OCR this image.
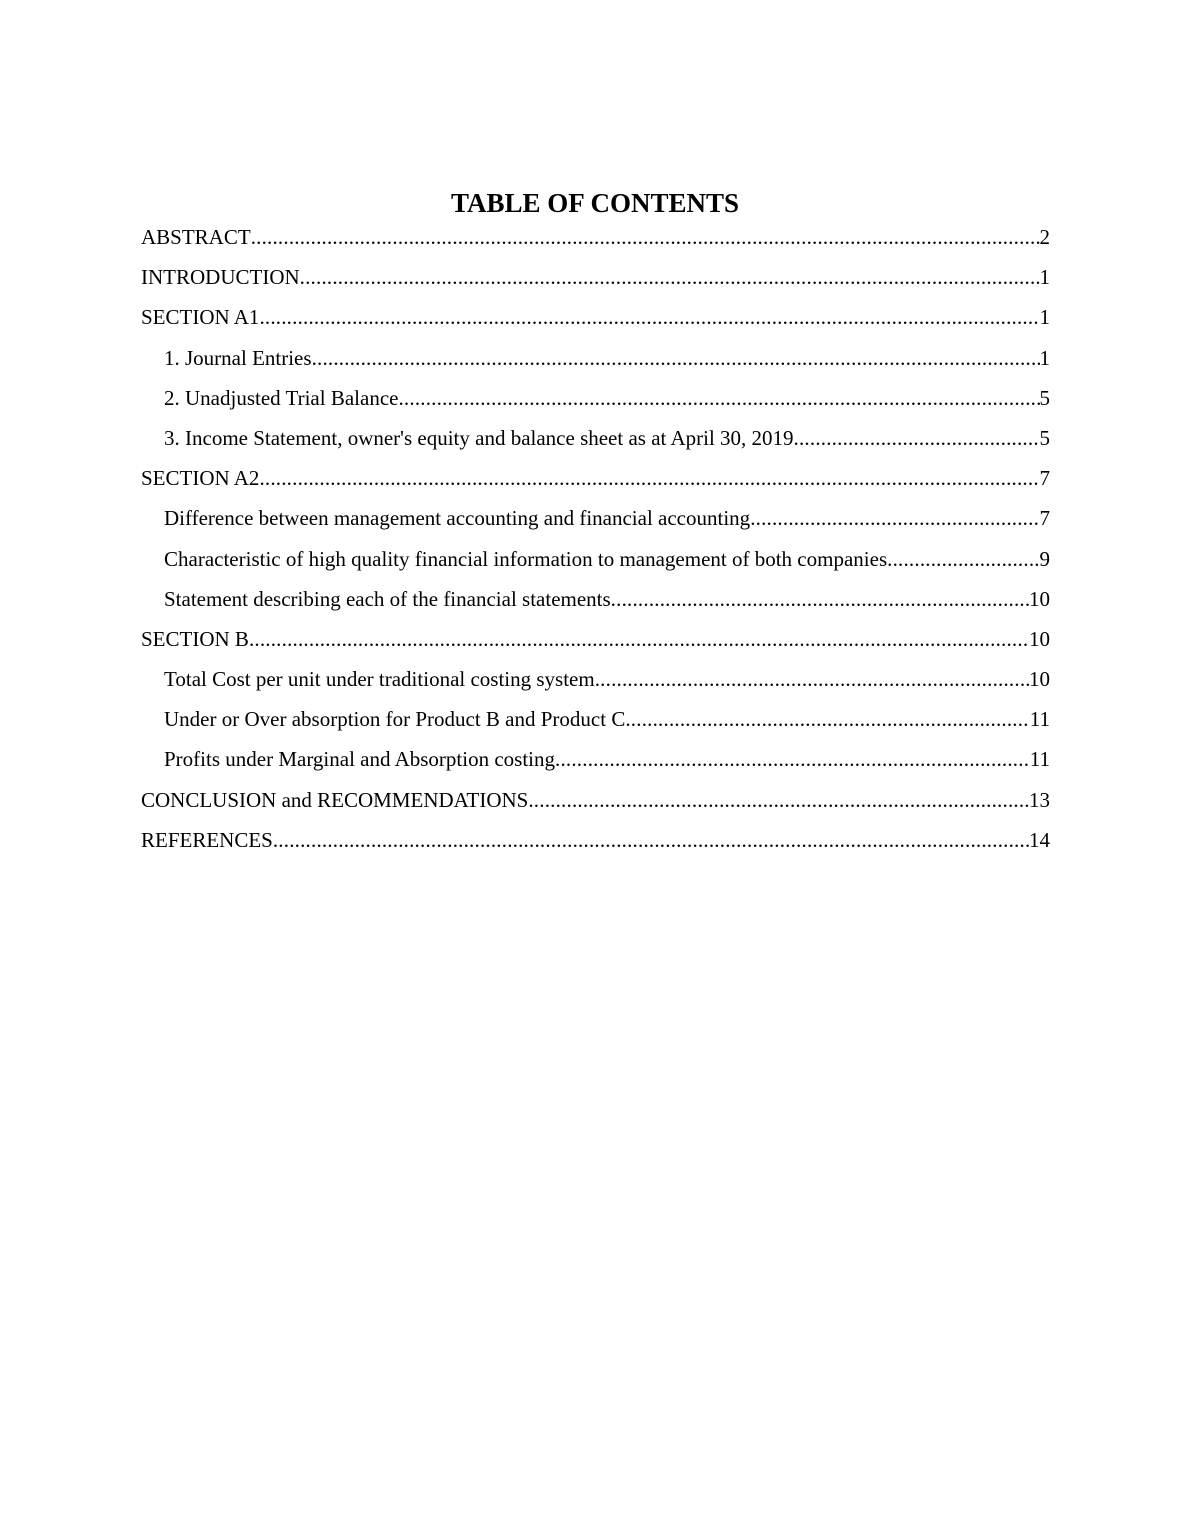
TABLE OF CONTENTS
ABSTRACT .....	2
INTRODUCTION .....	1
SECTION A1 .....	1
1. Journal Entries .....	1
2. Unadjusted Trial Balance .....	5
3. Income Statement, owner's equity and balance sheet as at April 30, 2019 .....	5
SECTION A2 .....	7
Difference between management accounting and financial accounting .....	7
Characteristic of high quality financial information to management of both companies .....	9
Statement describing each of the financial statements .....	10
SECTION B .....	10
Total Cost per unit under traditional costing system .....	10
Under or Over absorption for Product B and Product C .....	11
Profits under Marginal and Absorption costing .....	11
CONCLUSION and RECOMMENDATIONS .....	13
REFERENCES .....	14
